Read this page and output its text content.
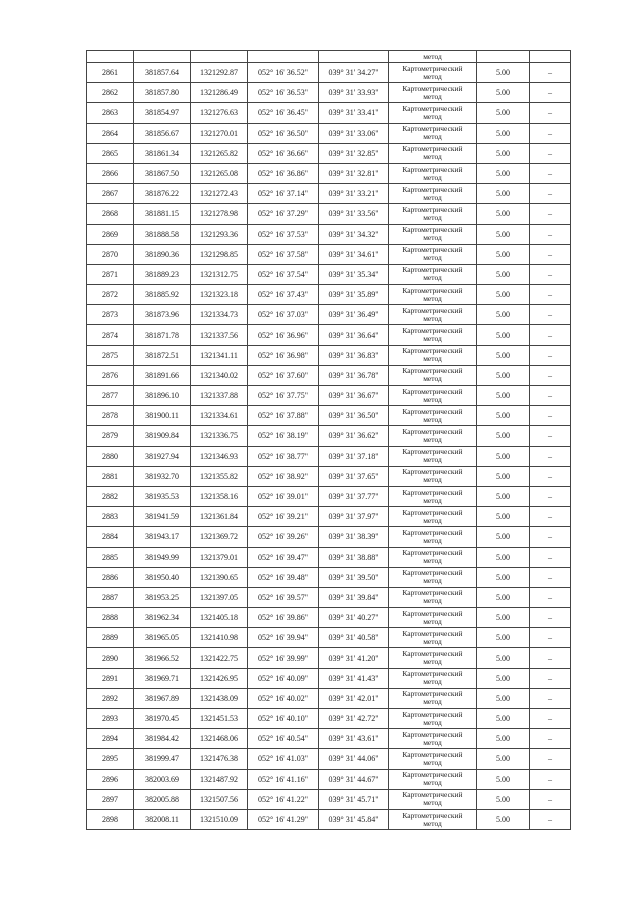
					метод		
2861	381857.64	1321292.87	052° 16' 36.52"	039° 31' 34.27"	Картометрический
метод	5.00	–
2862	381857.80	1321286.49	052° 16' 36.53"	039° 31' 33.93"	Картометрический
метод	5.00	–
2863	381854.97	1321276.63	052° 16' 36.45"	039° 31' 33.41"	Картометрический
метод	5.00	–
2864	381856.67	1321270.01	052° 16' 36.50"	039° 31' 33.06"	Картометрический
метод	5.00	–
2865	381861.34	1321265.82	052° 16' 36.66"	039° 31' 32.85"	Картометрический
метод	5.00	–
2866	381867.50	1321265.08	052° 16' 36.86"	039° 31' 32.81"	Картометрический
метод	5.00	–
2867	381876.22	1321272.43	052° 16' 37.14"	039° 31' 33.21"	Картометрический
метод	5.00	–
2868	381881.15	1321278.98	052° 16' 37.29"	039° 31' 33.56"	Картометрический
метод	5.00	–
2869	381888.58	1321293.36	052° 16' 37.53"	039° 31' 34.32"	Картометрический
метод	5.00	–
2870	381890.36	1321298.85	052° 16' 37.58"	039° 31' 34.61"	Картометрический
метод	5.00	–
2871	381889.23	1321312.75	052° 16' 37.54"	039° 31' 35.34"	Картометрический
метод	5.00	–
2872	381885.92	1321323.18	052° 16' 37.43"	039° 31' 35.89"	Картометрический
метод	5.00	–
2873	381873.96	1321334.73	052° 16' 37.03"	039° 31' 36.49"	Картометрический
метод	5.00	–
2874	381871.78	1321337.56	052° 16' 36.96"	039° 31' 36.64"	Картометрический
метод	5.00	–
2875	381872.51	1321341.11	052° 16' 36.98"	039° 31' 36.83"	Картометрический
метод	5.00	–
2876	381891.66	1321340.02	052° 16' 37.60"	039° 31' 36.78"	Картометрический
метод	5.00	–
2877	381896.10	1321337.88	052° 16' 37.75"	039° 31' 36.67"	Картометрический
метод	5.00	–
2878	381900.11	1321334.61	052° 16' 37.88"	039° 31' 36.50"	Картометрический
метод	5.00	–
2879	381909.84	1321336.75	052° 16' 38.19"	039° 31' 36.62"	Картометрический
метод	5.00	–
2880	381927.94	1321346.93	052° 16' 38.77"	039° 31' 37.18"	Картометрический
метод	5.00	–
2881	381932.70	1321355.82	052° 16' 38.92"	039° 31' 37.65"	Картометрический
метод	5.00	–
2882	381935.53	1321358.16	052° 16' 39.01"	039° 31' 37.77"	Картометрический
метод	5.00	–
2883	381941.59	1321361.84	052° 16' 39.21"	039° 31' 37.97"	Картометрический
метод	5.00	–
2884	381943.17	1321369.72	052° 16' 39.26"	039° 31' 38.39"	Картометрический
метод	5.00	–
2885	381949.99	1321379.01	052° 16' 39.47"	039° 31' 38.88"	Картометрический
метод	5.00	–
2886	381950.40	1321390.65	052° 16' 39.48"	039° 31' 39.50"	Картометрический
метод	5.00	–
2887	381953.25	1321397.05	052° 16' 39.57"	039° 31' 39.84"	Картометрический
метод	5.00	–
2888	381962.34	1321405.18	052° 16' 39.86"	039° 31' 40.27"	Картометрический
метод	5.00	–
2889	381965.05	1321410.98	052° 16' 39.94"	039° 31' 40.58"	Картометрический
метод	5.00	–
2890	381966.52	1321422.75	052° 16' 39.99"	039° 31' 41.20"	Картометрический
метод	5.00	–
2891	381969.71	1321426.95	052° 16' 40.09"	039° 31' 41.43"	Картометрический
метод	5.00	–
2892	381967.89	1321438.09	052° 16' 40.02"	039° 31' 42.01"	Картометрический
метод	5.00	–
2893	381970.45	1321451.53	052° 16' 40.10"	039° 31' 42.72"	Картометрический
метод	5.00	–
2894	381984.42	1321468.06	052° 16' 40.54"	039° 31' 43.61"	Картометрический
метод	5.00	–
2895	381999.47	1321476.38	052° 16' 41.03"	039° 31' 44.06"	Картометрический
метод	5.00	–
2896	382003.69	1321487.92	052° 16' 41.16"	039° 31' 44.67"	Картометрический
метод	5.00	–
2897	382005.88	1321507.56	052° 16' 41.22"	039° 31' 45.71"	Картометрический
метод	5.00	–
2898	382008.11	1321510.09	052° 16' 41.29"	039° 31' 45.84"	Картометрический
метод	5.00	–
